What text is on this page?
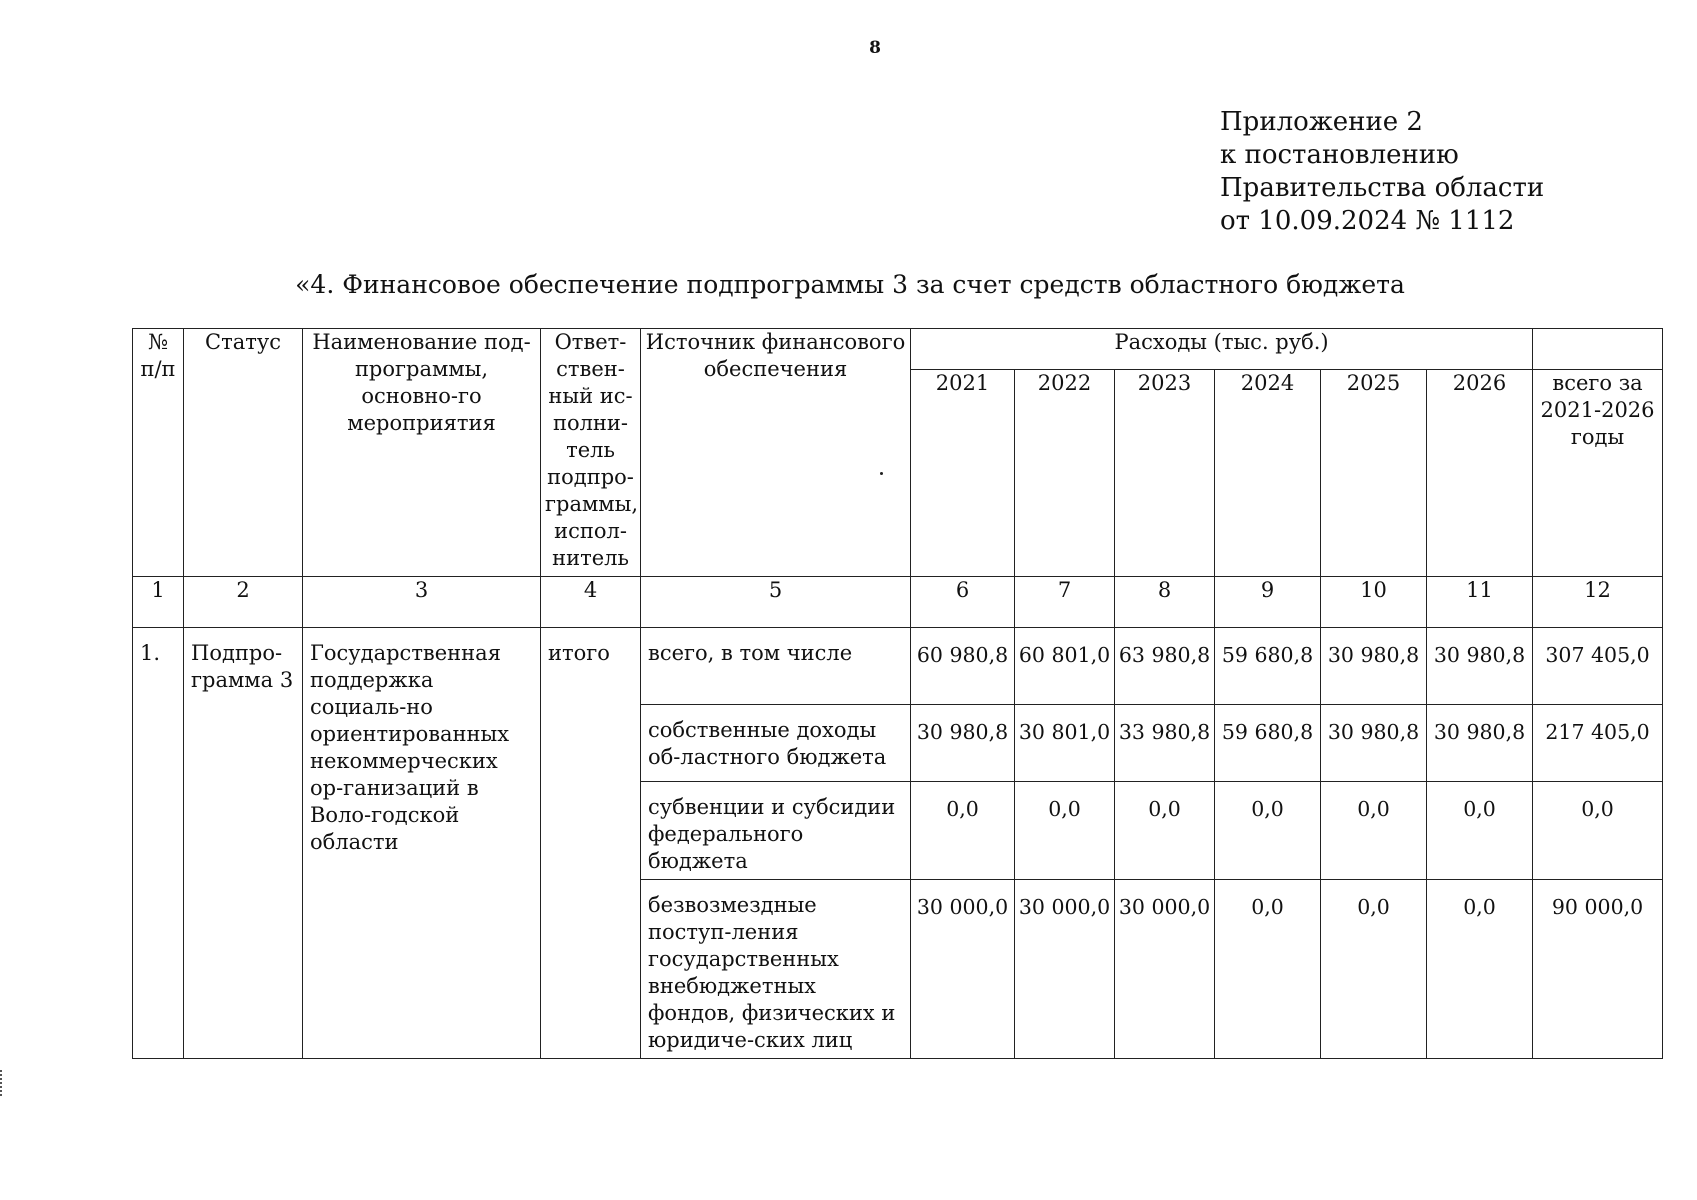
8
Приложение 2
к постановлению
Правительства области
от 10.09.2024 № 1112
«4. Финансовое обеспечение подпрограммы 3 за счет средств областного бюджета
№ п/п	Статус	Наименование под-программы, основно-го мероприятия	Ответ-ствен-ный ис-полни-тель подпро-граммы, испол-нитель	Источник финансового обеспечения	Расходы (тыс. руб.)						
					2021	2022	2023	2024	2025	2026	всего за 2021-2026 годы
1	2	3	4	5	6	7	8	9	10	11	12
1.	Подпро-грамма 3	Государственная поддержка социаль-но ориентированных некоммерческих ор-ганизаций в Воло-годской области	итого	всего, в том числе	60 980,8	60 801,0	63 980,8	59 680,8	30 980,8	30 980,8	307 405,0
				собственные доходы об-ластного бюджета	30 980,8	30 801,0	33 980,8	59 680,8	30 980,8	30 980,8	217 405,0
				субвенции и субсидии федерального бюджета	0,0	0,0	0,0	0,0	0,0	0,0	0,0
				безвозмездные поступ-ления государственных внебюджетных фондов, физических и юридиче-ских лиц	30 000,0	30 000,0	30 000,0	0,0	0,0	0,0	90 000,0
